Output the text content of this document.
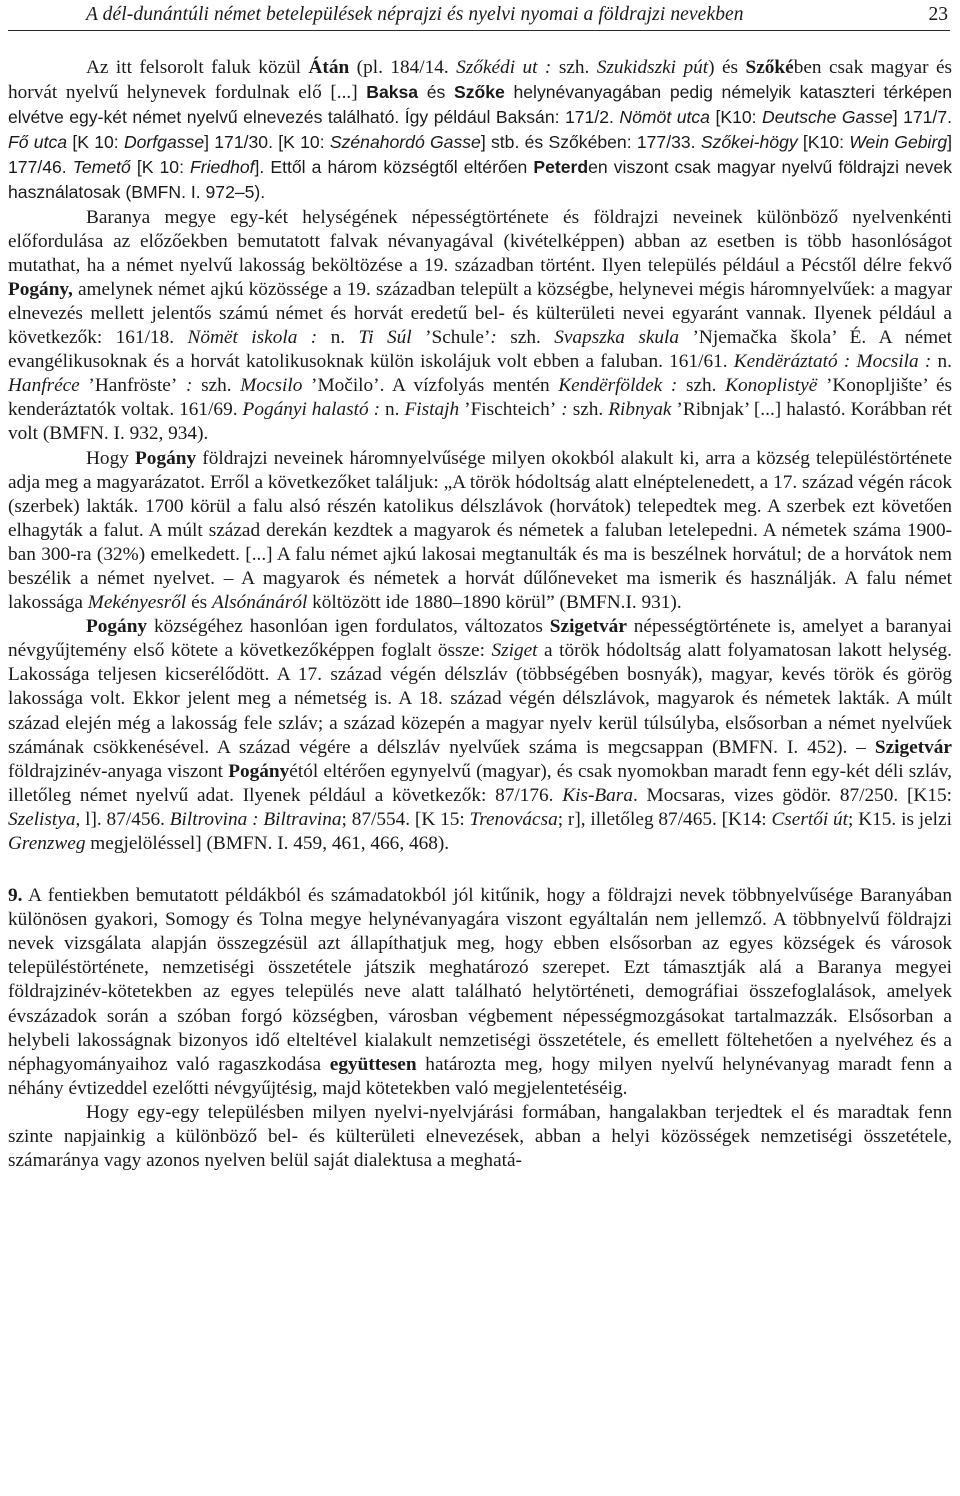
A dél-dunántúli német betelepülések néprajzi és nyelvi nyomai a földrajzi nevekben	23

Az itt felsorolt faluk közül Átán (pl. 184/14. Szőkédi ut : szh. Szukidszki pút) és Szőkében csak magyar és horvát nyelvű helynevek fordulnak elő [...] Baksa és Szőke helynévanyagában pedig némelyik kataszteri térképen elvétve egy-két német nyelvű elnevezés található. Így például Baksán: 171/2. Nömöt utca [K10: Deutsche Gasse] 171/7. Fő utca [K 10: Dorfgasse] 171/30. [K 10: Szénahordó Gasse] stb. és Szőkében: 177/33. Szőkei-högy [K10: Wein Gebirg] 177/46. Temető [K 10: Friedhof]. Ettől a három községtől eltérően Peterden viszont csak magyar nyelvű földrajzi nevek használatosak (BMFN. I. 972–5).

Baranya megye egy-két helységének népességtörténete és földrajzi neveinek különböző nyelvenkénti előfordulása az előzőekben bemutatott falvak névanyagával (kivételképpen) abban az esetben is több hasonlóságot mutathat, ha a német nyelvű lakosság beköltözése a 19. században történt. Ilyen település például a Pécstől délre fekvő Pogány, amelynek német ajkú közössége a 19. században települt a községbe, helynevei mégis háromnyelvűek: a magyar elnevezés mellett jelentős számú német és horvát eredetű bel- és külterületi nevei egyaránt vannak. Ilyenek például a következők: 161/18. Nömët iskola : n. Ti Súl ’Schule’: szh. Svapszka skula ’Njemačka škola’ É. A német evangélikusoknak és a horvát katolikusoknak külön iskolájuk volt ebben a faluban. 161/61. Kendëráztató : Mocsila : n. Hanfréce ’Hanfröste’ : szh. Mocsilo ’Močilo’. A vízfolyás mentén Kendërföldek : szh. Konoplistyë ’Konopljište’ és kenderáztatók voltak. 161/69. Pogányi halastó : n. Fistajh ’Fischteich’ : szh. Ribnyak ’Ribnjak’ [...] halastó. Korábban rét volt (BMFN. I. 932, 934).

Hogy Pogány földrajzi neveinek háromnyelvűsége milyen okokból alakult ki, arra a község településtörténete adja meg a magyarázatot. Erről a következőket találjuk: „A török hódoltság alatt elnéptelenedett, a 17. század végén rácok (szerbek) lakták. 1700 körül a falu alsó részén katolikus délszlávok (horvátok) telepedtek meg. A szerbek ezt követően elhagyták a falut. A múlt század derekán kezdtek a magyarok és németek a faluban letelepedni. A németek száma 1900-ban 300-ra (32%) emelkedett. [...] A falu német ajkú lakosai megtanulták és ma is beszélnek horvátul; de a horvátok nem beszélik a német nyelvet. – A magyarok és németek a horvát dűlőneveket ma ismerik és használják. A falu német lakossága Mekényesről és Alsónánáról költözött ide 1880–1890 körül” (BMFN.I. 931).

Pogány községéhez hasonlóan igen fordulatos, változatos Szigetvár népességtörténete is, amelyet a baranyai névgyűjtemény első kötete a következőképpen foglalt össze: Sziget a török hódoltság alatt folyamatosan lakott helység. Lakossága teljesen kicserélődött. A 17. század végén délszláv (többségében bosnyák), magyar, kevés török és görög lakossága volt. Ekkor jelent meg a németség is. A 18. század végén délszlávok, magyarok és németek lakták. A múlt század elején még a lakosság fele szláv; a század közepén a magyar nyelv kerül túlsúlyba, elsősorban a német nyelvűek számának csökkenésével. A század végére a délszláv nyelvűek száma is megcsappan (BMFN. I. 452). – Szigetvár földrajzinév-anyaga viszont Pogányétól eltérően egynyelvű (magyar), és csak nyomokban maradt fenn egy-két déli szláv, illetőleg német nyelvű adat. Ilyenek például a következők: 87/176. Kis-Bara. Mocsaras, vizes gödör. 87/250. [K15: Szelistya, l]. 87/456. Biltrovina : Biltravina; 87/554. [K 15: Trenovácsa; r], illetőleg 87/465. [K14: Csertői út; K15. is jelzi Grenzweg megjelöléssel] (BMFN. I. 459, 461, 466, 468).

9. A fentiekben bemutatott példákból és számadatokból jól kitűnik, hogy a földrajzi nevek többnyelvűsége Baranyában különösen gyakori, Somogy és Tolna megye helynévanyagára viszont egyáltalán nem jellemző. A többnyelvű földrajzi nevek vizsgálata alapján összegzésül azt állapíthatjuk meg, hogy ebben elsősorban az egyes községek és városok településtörténete, nemzetiségi összetétele játszik meghatározó szerepet. Ezt támasztják alá a Baranya megyei földrajzinév-kötetekben az egyes település neve alatt található helytörténeti, demográfiai összefoglalások, amelyek évszázadok során a szóban forgó községben, városban végbement népességmozgásokat tartalmazzák. Elsősorban a helybeli lakosságnak bizonyos idő elteltével kialakult nemzetiségi összetétele, és emellett föltehetően a nyelvéhez és a néphagyományaihoz való ragaszkodása együttesen határozta meg, hogy milyen nyelvű helynévanyag maradt fenn a néhány évtizeddel ezelőtti névgyűjtésig, majd kötetekben való megjelentetéséig.

Hogy egy-egy településben milyen nyelvi-nyelvjárási formában, hangalakban terjedtek el és maradtak fenn szinte napjainkig a különböző bel- és külterületi elnevezések, abban a helyi közösségek nemzetiségi összetétele, számaránya vagy azonos nyelven belül saját dialektusa a meghatá-
